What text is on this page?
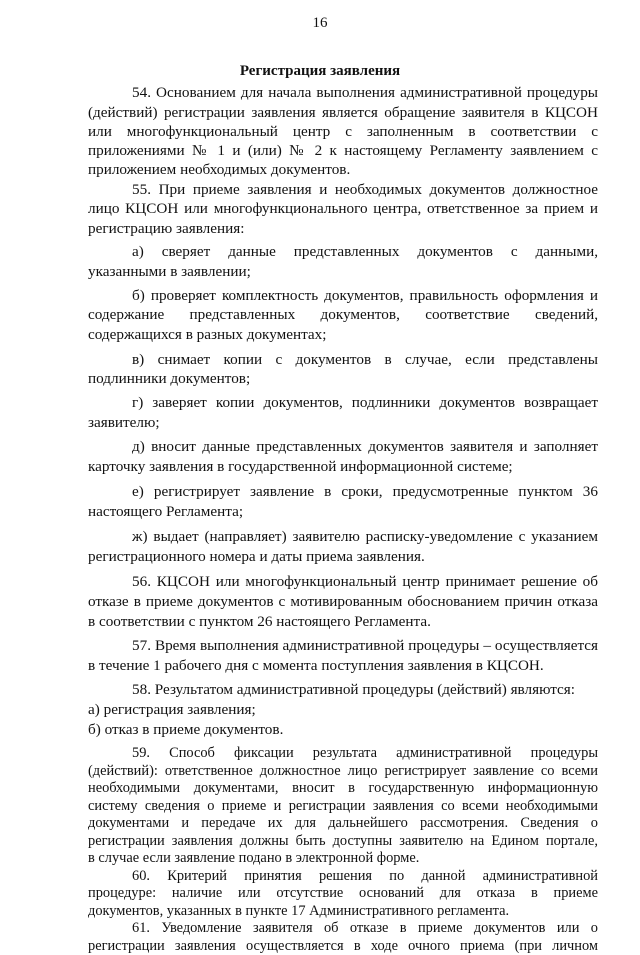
16
Регистрация заявления
54. Основанием для начала выполнения административной процедуры
(действий) регистрации заявления является обращение заявителя в КЦСОН
или многофункциональный центр с заполненным в соответствии с
приложениями № 1 и (или) № 2 к настоящему Регламенту заявлением с
приложением необходимых документов.
55. При приеме заявления и необходимых документов должностное
лицо КЦСОН или многофункционального центра, ответственное за прием и
регистрацию заявления:
а) сверяет данные представленных документов с данными,
указанными в заявлении;
б) проверяет комплектность документов, правильность оформления и
содержание представленных документов, соответствие сведений,
содержащихся в разных документах;
в) снимает копии с документов в случае, если представлены
подлинники документов;
г) заверяет копии документов, подлинники документов возвращает
заявителю;
д) вносит данные представленных документов заявителя и заполняет
карточку заявления в государственной информационной системе;
е) регистрирует заявление в сроки, предусмотренные пунктом 36
настоящего Регламента;
ж) выдает (направляет) заявителю расписку-уведомление с указанием
регистрационного номера и даты приема заявления.
56. КЦСОН или многофункциональный центр принимает решение об
отказе в приеме документов с мотивированным обоснованием причин отказа
в соответствии с пунктом 26 настоящего Регламента.
57. Время выполнения административной процедуры – осуществляется
в течение 1 рабочего дня с момента поступления заявления в КЦСОН.
58. Результатом административной процедуры (действий) являются:
а) регистрация заявления;
б) отказ в приеме документов.
59. Способ фиксации результата административной процедуры
(действий): ответственное должностное лицо регистрирует заявление со всеми
необходимыми документами, вносит в государственную информационную
систему сведения о приеме и регистрации заявления со всеми необходимыми
документами и передаче их для дальнейшего рассмотрения. Сведения о
регистрации заявления должны быть доступны заявителю на Едином портале,
в случае если заявление подано в электронной форме.
60. Критерий принятия решения по данной административной
процедуре: наличие или отсутствие оснований для отказа в приеме
документов, указанных в пункте 17 Административного регламента.
61. Уведомление заявителя об отказе в приеме документов или о
регистрации заявления осуществляется в ходе очного приема (при личном
